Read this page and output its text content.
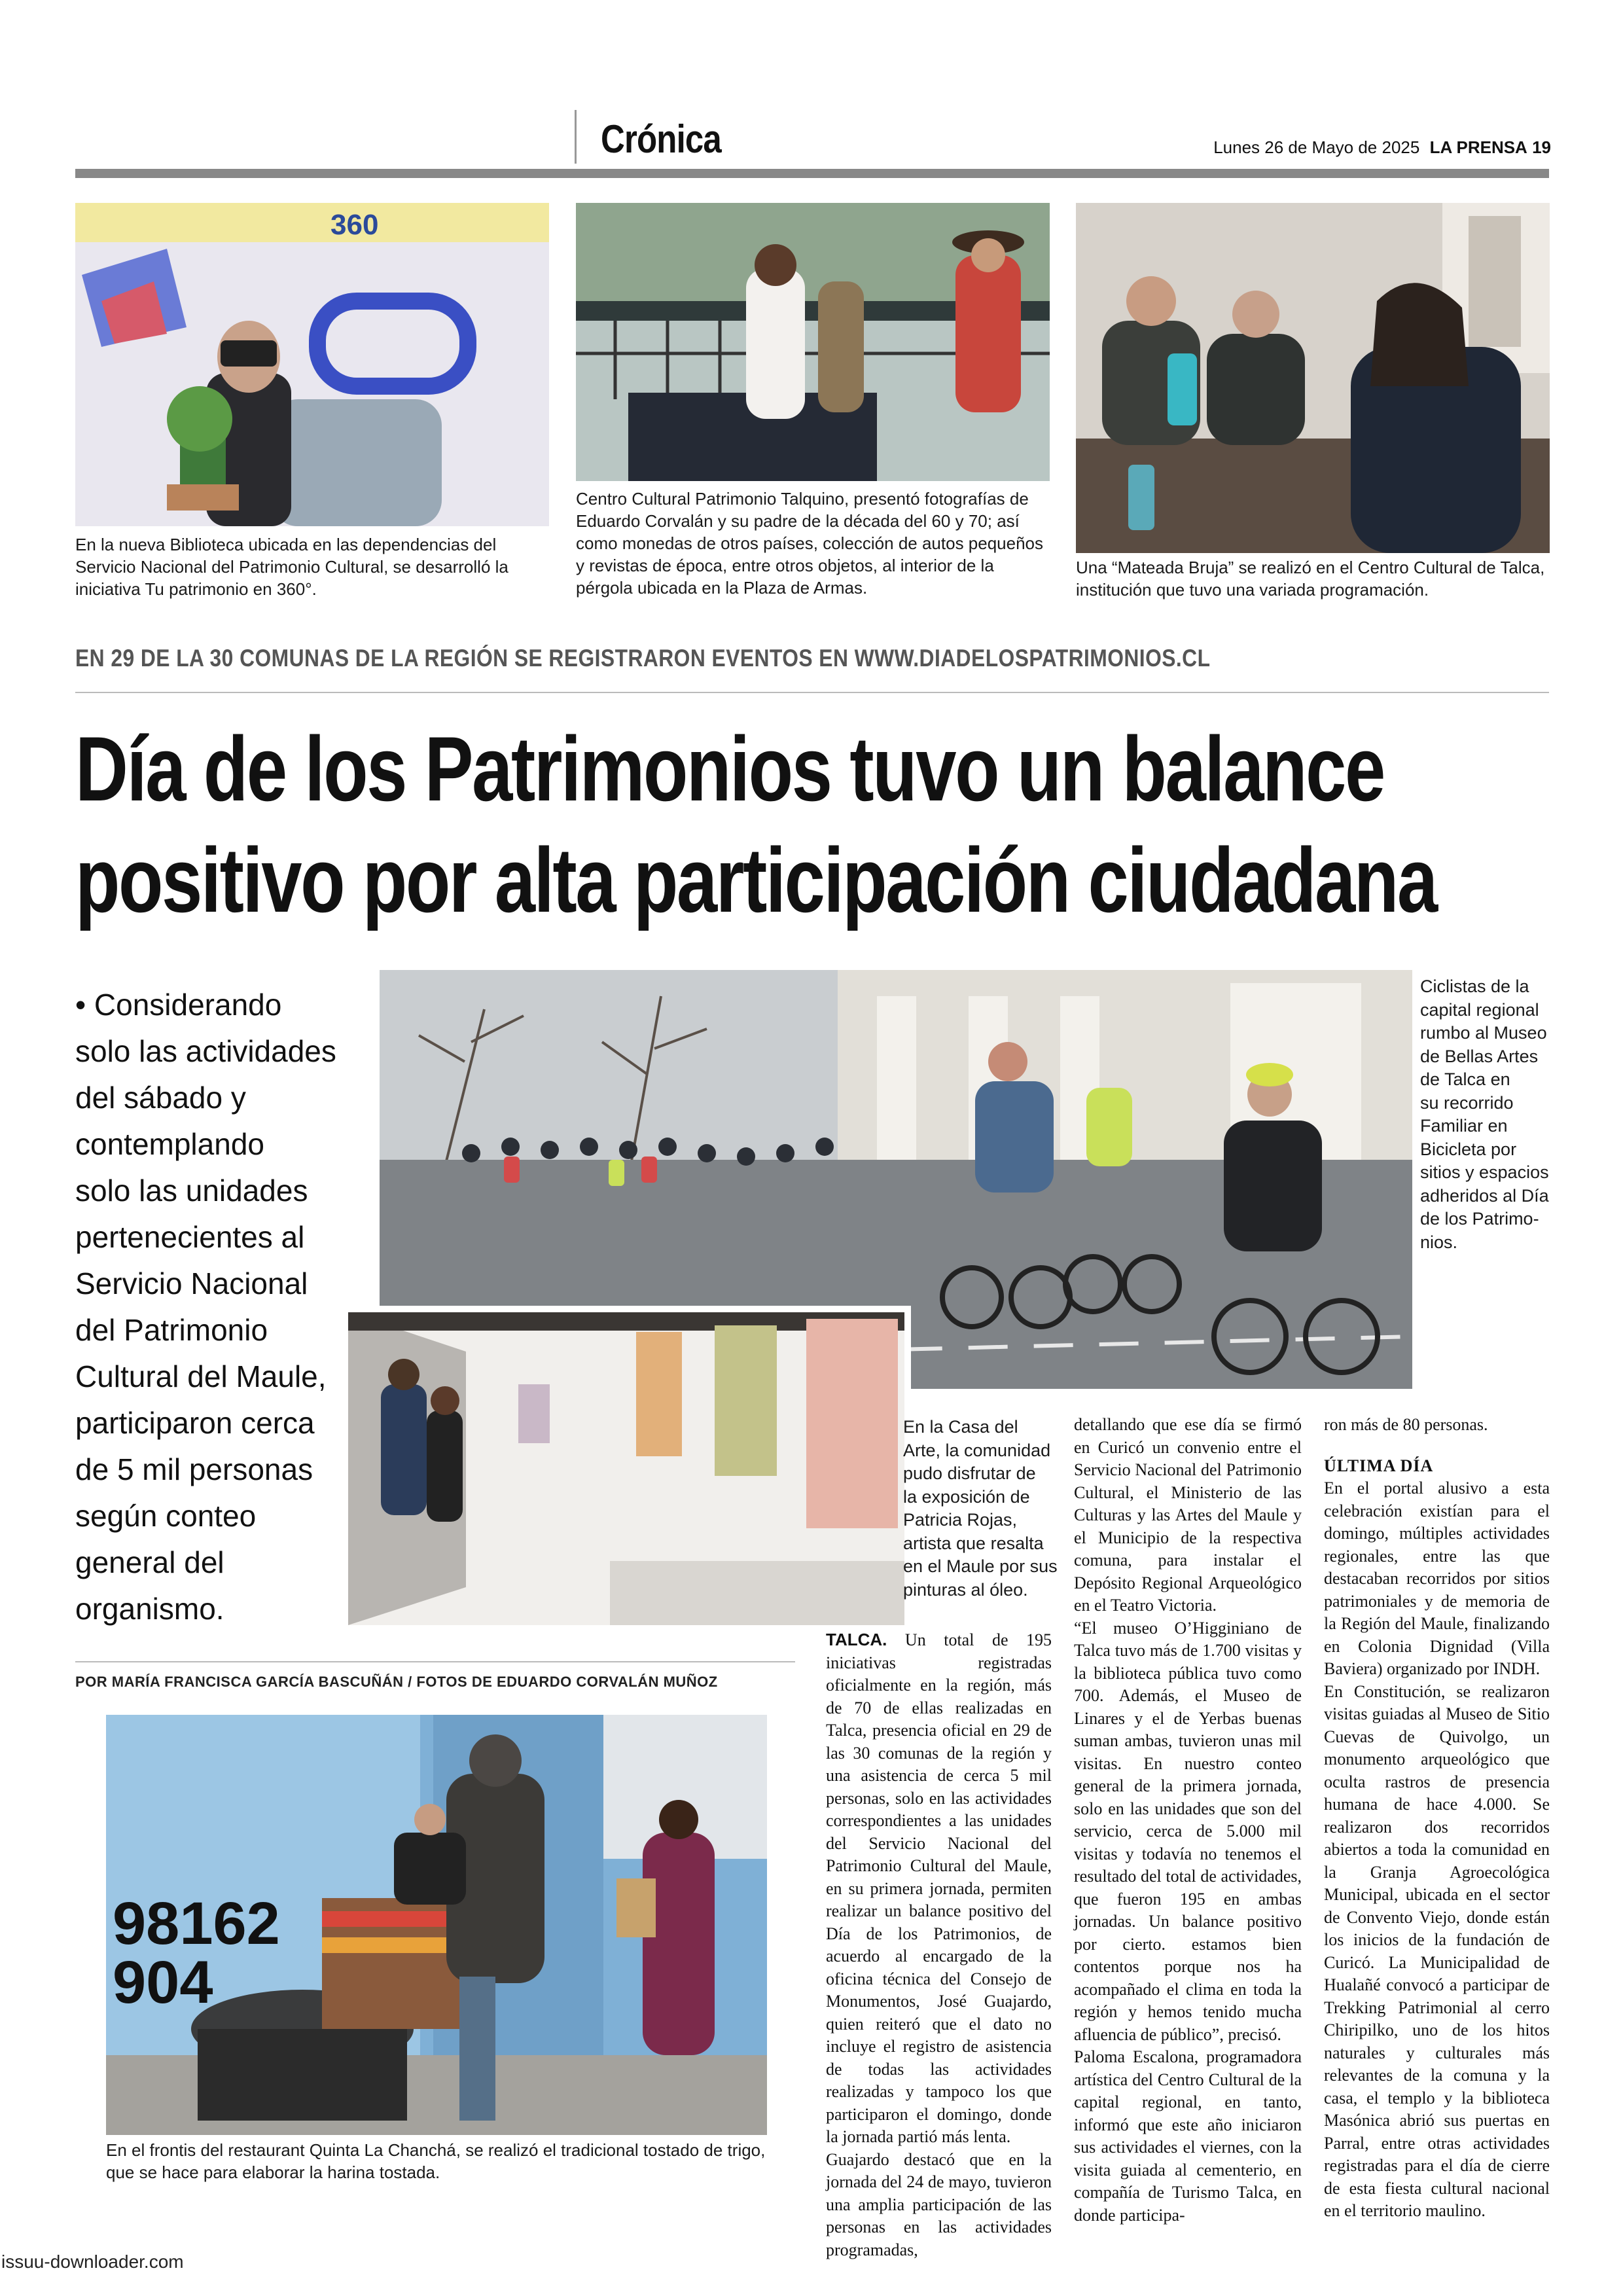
Crónica	Lunes 26 de Mayo de 2025 LA PRENSA 19
360
En la nueva Biblioteca ubicada en las dependencias del Servicio Nacional del Patrimonio Cultural, se desarrolló la iniciativa Tu patrimonio en 360°.
Centro Cultural Patrimonio Talquino, presentó fotografías de Eduardo Corvalán y su padre de la década del 60 y 70; así como monedas de otros países, colección de autos pequeños y revistas de época, entre otros objetos, al interior de la pérgola ubicada en la Plaza de Armas.
Una “Mateada Bruja” se realizó en el Centro Cultural de Talca, institución que tuvo una variada programación.
EN 29 DE LA 30 COMUNAS DE LA REGIÓN SE REGISTRARON EVENTOS EN WWW.DIADELOSPATRIMONIOS.CL
Día de los Patrimonios tuvo un balance
positivo por alta participación ciudadana
• Considerando
solo las actividades
del sábado y
contemplando
solo las unidades
pertenecientes al
Servicio Nacional
del Patrimonio
Cultural del Maule,
participaron cerca
de 5 mil personas
según conteo
general del
organismo.
Ciclistas de la
capital regional
rumbo al Museo
de Bellas Artes
de Talca en
su recorrido
Familiar en
Bicicleta por
sitios y espacios
adheridos al Día
de los Patrimo-
nios.
En la Casa del
Arte, la comunidad
pudo disfrutar de
la exposición de
Patricia Rojas,
artista que resalta
en el Maule por sus
pinturas al óleo.
POR MARÍA FRANCISCA GARCÍA BASCUÑÁN / FOTOS DE EDUARDO CORVALÁN MUÑOZ
98162
904
En el frontis del restaurant Quinta La Chanchá, se realizó el tradicional tostado de trigo, que se hace para elaborar la harina tostada.

TALCA. Un total de 195 iniciativas registradas oficialmente en la región, más de 70 de ellas realizadas en Talca, presencia oficial en 29 de las 30 comunas de la región y una asistencia de cerca 5 mil personas, solo en las actividades correspondientes a las unidades del Servicio Nacional del Patrimonio Cultural del Maule, en su primera jornada, permiten realizar un balance positivo del Día de los Patrimonios, de acuerdo al encargado de la oficina técnica del Consejo de Monumentos, José Guajardo, quien reiteró que el dato no incluye el registro de asistencia de todas las actividades realizadas y tampoco los que participaron el domingo, donde la jornada partió más lenta.

Guajardo destacó que en la jornada del 24 de mayo, tuvieron una amplia participación de las personas en las actividades programadas,

detallando que ese día se firmó en Curicó un convenio entre el Servicio Nacional del Patrimonio Cultural, el Ministerio de las Culturas y las Artes del Maule y el Municipio de la respectiva comuna, para instalar el Depósito Regional Arqueológico en el Teatro Victoria.

“El museo O’Higginiano de Talca tuvo más de 1.700 visitas y la biblioteca pública tuvo como 700. Además, el Museo de Linares y el de Yerbas buenas suman ambas, tuvieron unas mil visitas. En nuestro conteo general de la primera jornada, solo en las unidades que son del servicio, cerca de 5.000 mil visitas y todavía no tenemos el resultado del total de actividades, que fueron 195 en ambas jornadas. Un balance positivo por cierto. estamos bien contentos porque nos ha acompañado el clima en toda la región y hemos tenido mucha afluencia de público”, precisó.

Paloma Escalona, programadora artística del Centro Cultural de la capital regional, en tanto, informó que este año iniciaron sus actividades el viernes, con la visita guiada al cementerio, en compañía de Turismo Talca, en donde participa-

ron más de 80 personas.

ÚLTIMA DÍA

En el portal alusivo a esta celebración existían para el domingo, múltiples actividades regionales, entre las que destacaban recorridos por sitios patrimoniales y de memoria de la Región del Maule, finalizando en Colonia Dignidad (Villa Baviera) organizado por INDH.

En Constitución, se realizaron visitas guiadas al Museo de Sitio Cuevas de Quivolgo, un monumento arqueológico que oculta rastros de presencia humana de hace 4.000. Se realizaron dos recorridos abiertos a toda la comunidad en la Granja Agroecológica Municipal, ubicada en el sector de Convento Viejo, donde están los inicios de la fundación de Curicó. La Municipalidad de Hualañé convocó a participar de Trekking Patrimonial al cerro Chiripilko, uno de los hitos naturales y culturales más relevantes de la comuna y la casa, el templo y la biblioteca Masónica abrió sus puertas en Parral, entre otras actividades registradas para el día de cierre de esta fiesta cultural nacional en el territorio maulino.

issuu-downloader.com
